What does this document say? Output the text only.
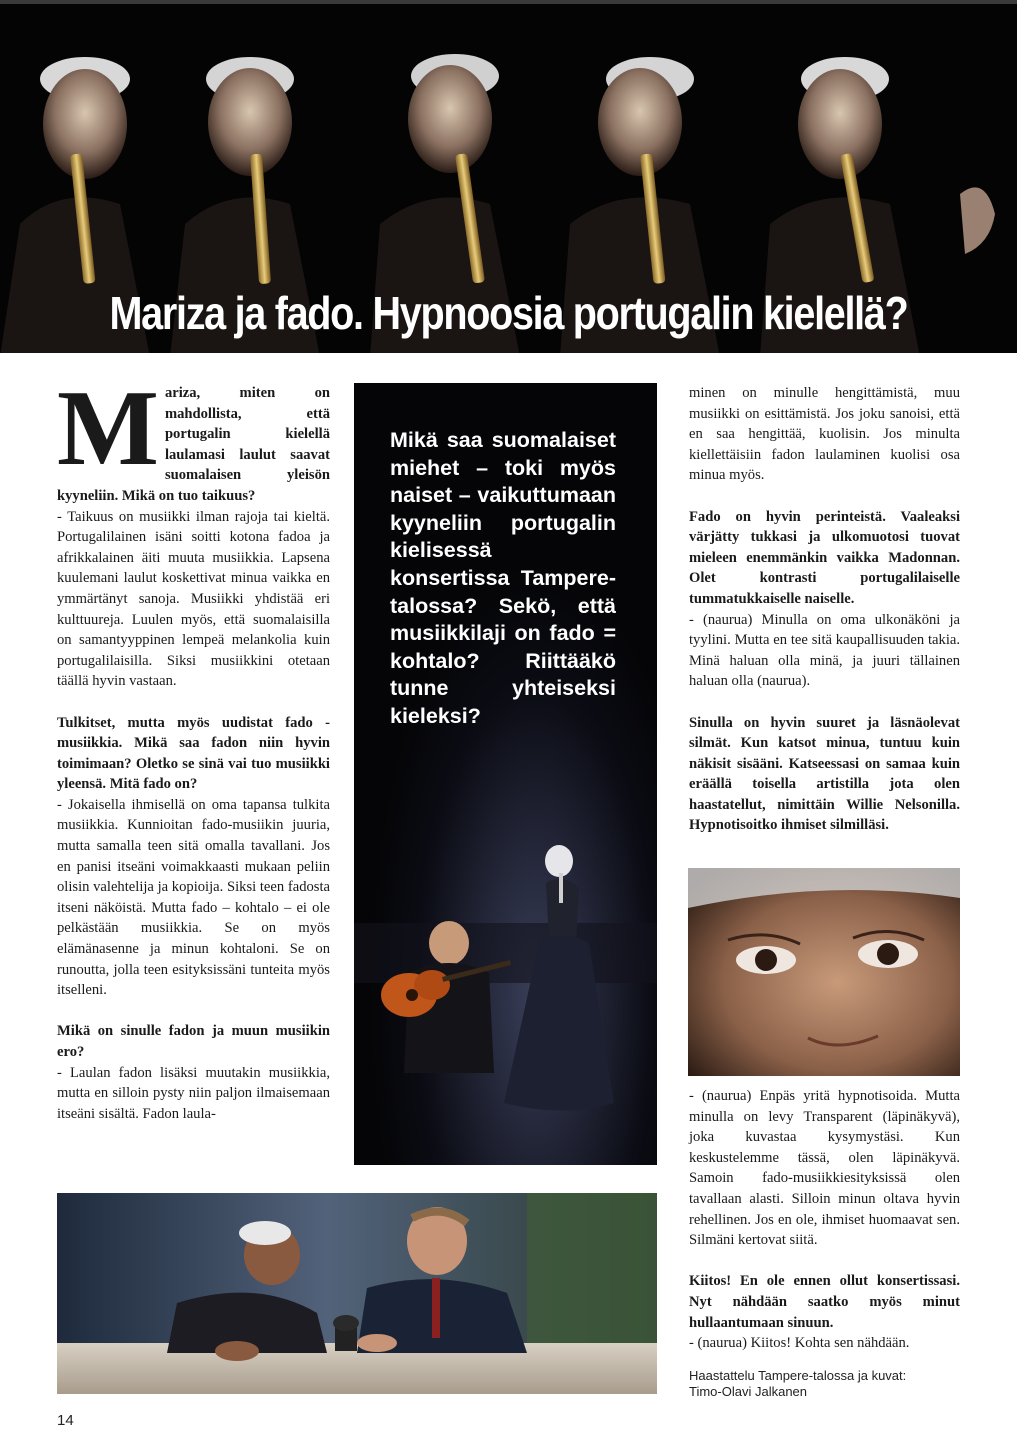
Mariza ja fado. Hypnoosia portugalin kielellä?

M ariza, miten on mahdollista, että portugalin kielellä laulamasi laulut saavat suomalaisen yleisön kyyneliin. Mikä on tuo taikuus?
- Taikuus on musiikki ilman rajoja tai kieltä. Portugalilainen isäni soitti kotona fadoa ja afrikkalainen äiti muuta musiikkia. Lapsena kuulemani laulut koskettivat minua vaikka en ymmärtänyt sanoja. Musiikki yhdistää eri kulttuureja. Luulen myös, että suomalaisilla on samantyyppinen lempeä melankolia kuin portugalilaisilla. Siksi musiikkini otetaan täällä hyvin vastaan.

Tulkitset, mutta myös uudistat fado -musiikkia. Mikä saa fadon niin hyvin toimimaan? Oletko se sinä vai tuo musiikki yleensä. Mitä fado on?
- Jokaisella ihmisellä on oma tapansa tulkita musiikkia. Kunnioitan fado-musiikin juuria, mutta samalla teen sitä omalla tavallani. Jos en panisi itseäni voimakkaasti mukaan peliin olisin valehtelija ja kopioija. Siksi teen fadosta itseni näköistä. Mutta fado – kohtalo – ei ole pelkästään musiikkia. Se on myös elämänasenne ja minun kohtaloni. Se on runoutta, jolla teen esityksissäni tunteita myös itselleni.

Mikä on sinulle fadon ja muun musiikin ero?
- Laulan fadon lisäksi muutakin musiikkia, mutta en silloin pysty niin paljon ilmaisemaan itseäni sisältä. Fadon laula-

Mikä saa suomalaiset miehet – toki myös naiset – vaikuttumaan kyyneliin portugalin kielisessä konsertissa Tampere-talossa? Sekö, että musiikkilaji on fado = kohtalo? Riittääkö tunne yhteiseksi kieleksi?

minen on minulle hengittämistä, muu musiikki on esittämistä. Jos joku sanoisi, että en saa hengittää, kuolisin. Jos minulta kiellettäisiin fadon laulaminen kuolisi osa minua myös.

Fado on hyvin perinteistä. Vaaleaksi värjätty tukkasi ja ulkomuotosi tuovat mieleen enemmänkin vaikka Madonnan. Olet kontrasti portugalilaiselle tummatukkaiselle naiselle.
- (naurua) Minulla on oma ulkonäköni ja tyylini. Mutta en tee sitä kaupallisuuden takia. Minä haluan olla minä, ja juuri tällainen haluan olla (naurua).

Sinulla on hyvin suuret ja läsnäolevat silmät. Kun katsot minua, tuntuu kuin näkisit sisääni. Katseessasi on samaa kuin eräällä toisella artistilla jota olen haastatellut, nimittäin Willie Nelsonilla. Hypnotisoitko ihmiset silmilläsi.

- (naurua) Enpäs yritä hypnotisoida. Mutta minulla on levy Transparent (läpinäkyvä), joka kuvastaa kysymystäsi. Kun keskustelemme tässä, olen läpinäkyvä. Samoin fado-musiikkiesityksissä olen tavallaan alasti. Silloin minun oltava hyvin rehellinen. Jos en ole, ihmiset huomaavat sen. Silmäni kertovat siitä.

Kiitos! En ole ennen ollut konsertissasi. Nyt nähdään saatko myös minut hullaantumaan sinuun.
- (naurua) Kiitos! Kohta sen nähdään.

Haastattelu Tampere-talossa ja kuvat:
Timo-Olavi Jalkanen
14
